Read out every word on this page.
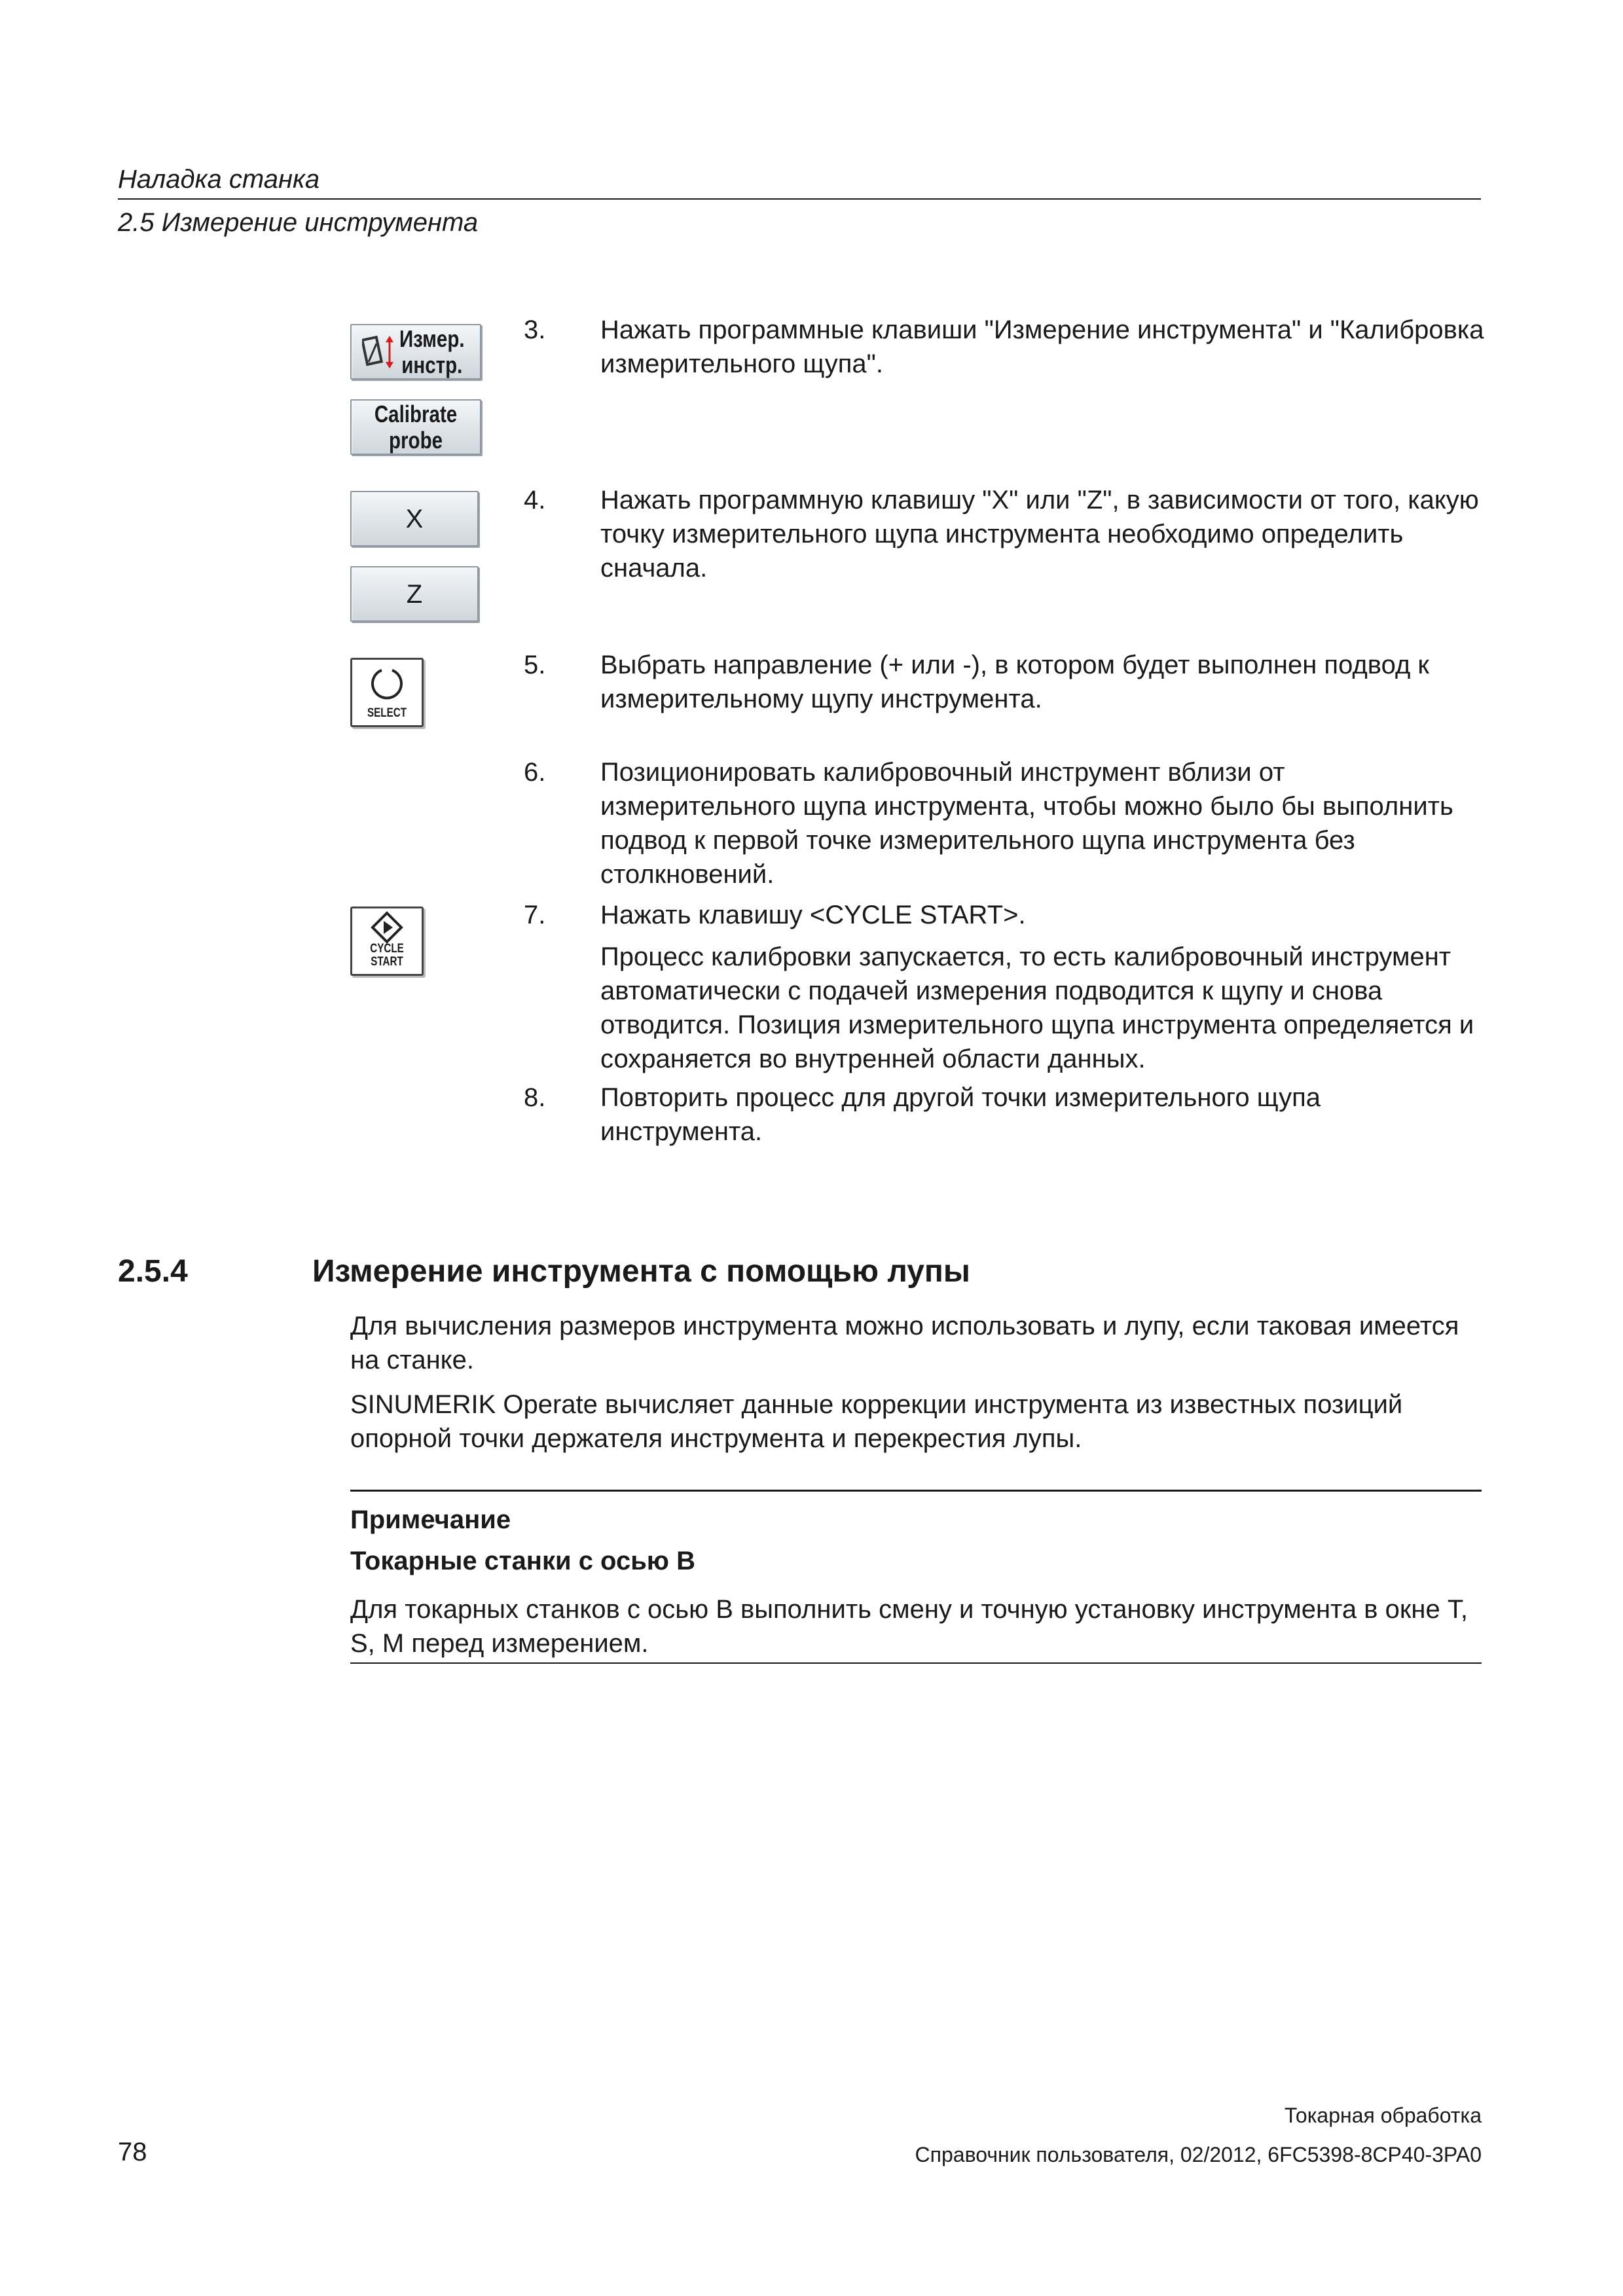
Наладка станка
2.5 Измерение инструмента
Измер.
инстр.
Calibrate
probe
X
Z
SELECT
CYCLE
START
3. Нажать программные клавиши "Измерение инструмента" и "Калибровка измерительного щупа".
4. Нажать программную клавишу "X" или "Z", в зависимости от того, какую точку измерительного щупа инструмента необходимо определить сначала.
5. Выбрать направление (+ или -), в котором будет выполнен подвод к измерительному щупу инструмента.
6. Позиционировать калибровочный инструмент вблизи от измерительного щупа инструмента, чтобы можно было бы выполнить подвод к первой точке измерительного щупа инструмента без столкновений.
7. Нажать клавишу <CYCLE START>.
Процесс калибровки запускается, то есть калибровочный инструмент автоматически с подачей измерения подводится к щупу и снова отводится. Позиция измерительного щупа инструмента определяется и сохраняется во внутренней области данных.
8. Повторить процесс для другой точки измерительного щупа инструмента.
2.5.4	Измерение инструмента с помощью лупы
Для вычисления размеров инструмента можно использовать и лупу, если таковая имеется на станке.
SINUMERIK Operate вычисляет данные коррекции инструмента из известных позиций опорной точки держателя инструмента и перекрестия лупы.
Примечание
Токарные станки с осью B
Для токарных станков с осью B выполнить смену и точную установку инструмента в окне T, S, M перед измерением.
78
Токарная обработка
Справочник пользователя, 02/2012, 6FC5398-8CP40-3PA0
